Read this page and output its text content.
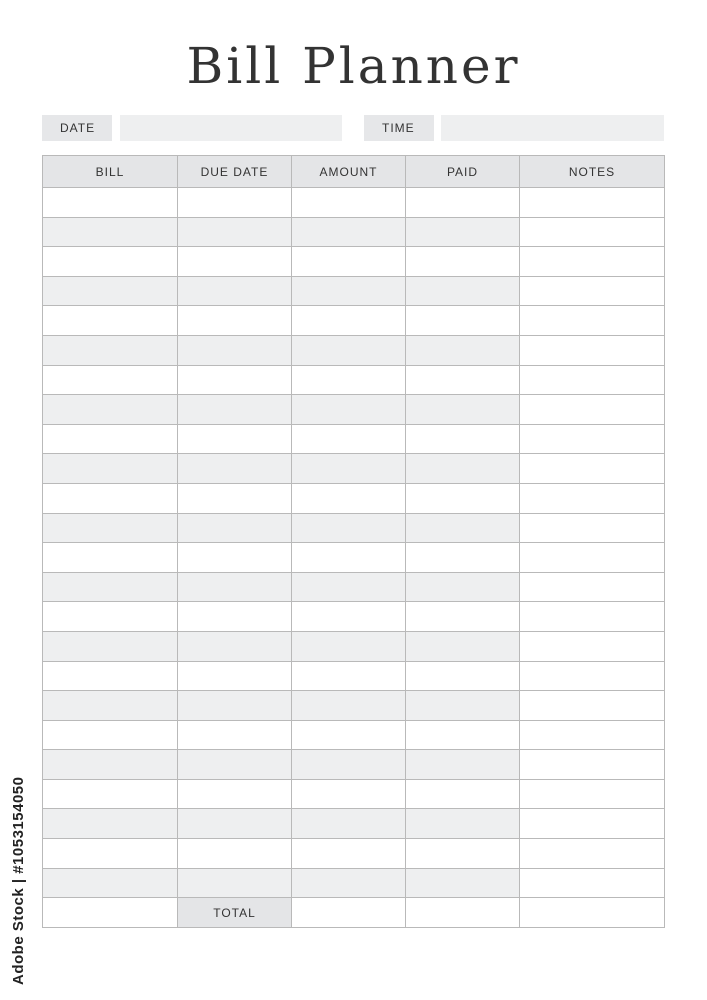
Bill Planner
DATE	TIME
BILL	DUE DATE	AMOUNT	PAID	NOTES

	TOTAL			
Adobe Stock | #1053154050
